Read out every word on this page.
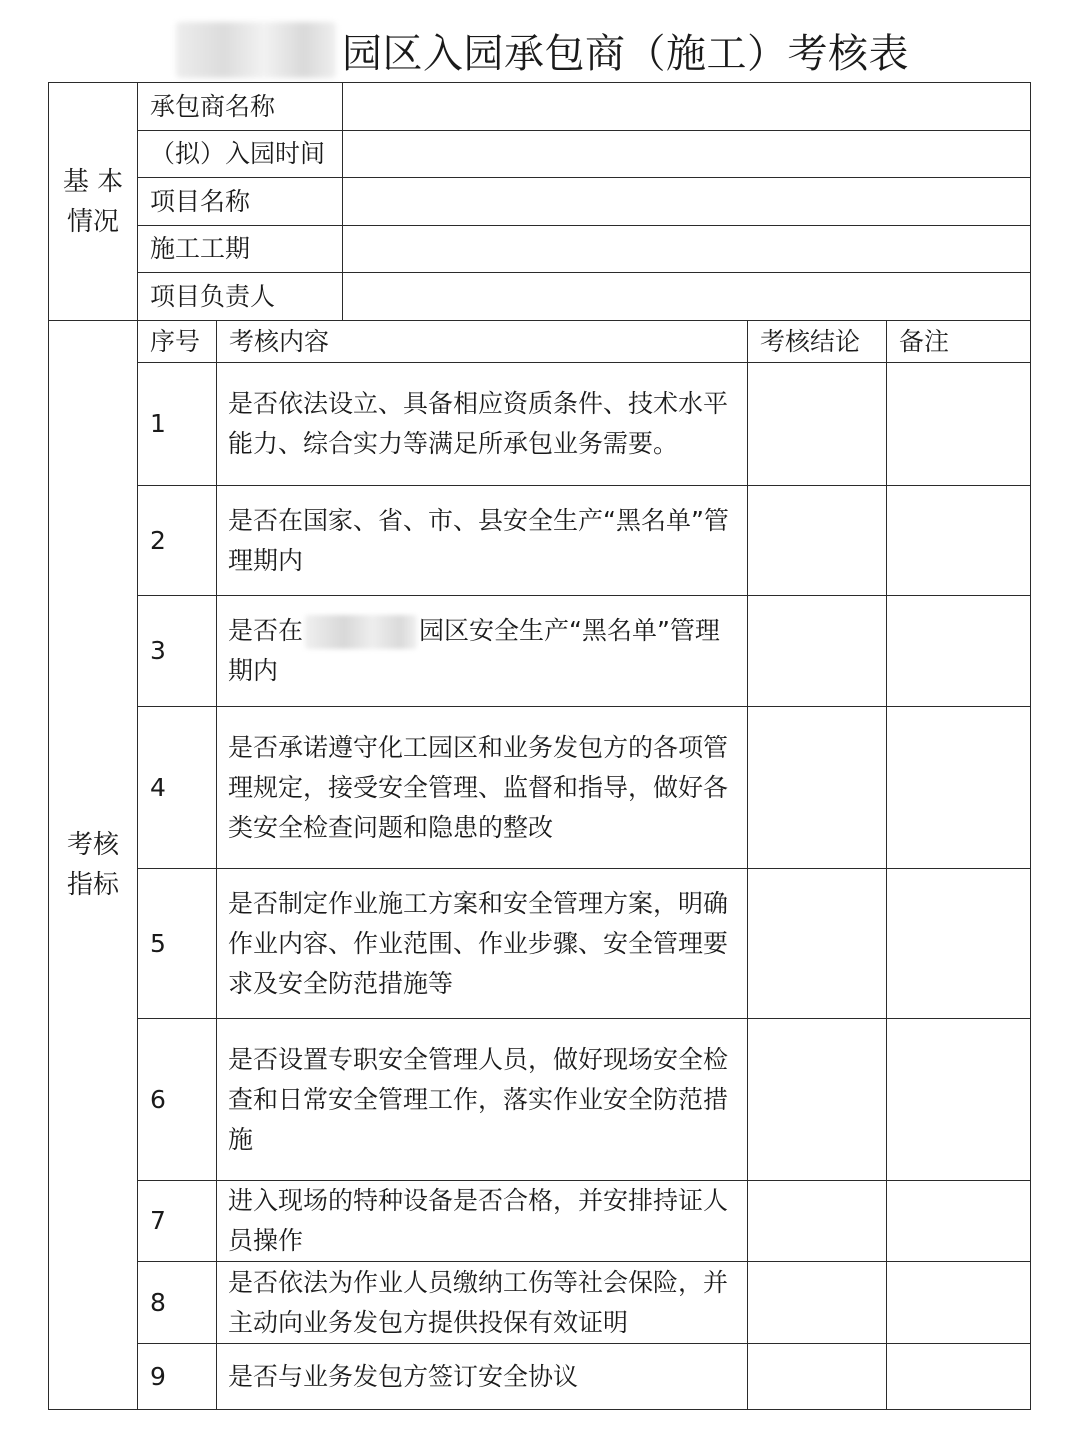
园区入园承包商（施工）考核表
基 本
情况	承包商名称				
	（拟）入园时间				
	项目名称				
	施工工期				
	项目负责人				
考核
指标	序号	考核内容		考核结论	备注
	1	是否依法设立、具备相应资质条件、技术水平能力、综合实力等满足所承包业务需要。			
	2	是否在国家、省、市、县安全生产“黑名单”管理期内			
	3	是否在 园区安全生产“黑名单”管理期内			
	4	是否承诺遵守化工园区和业务发包方的各项管理规定，接受安全管理、监督和指导，做好各类安全检查问题和隐患的整改			
	5	是否制定作业施工方案和安全管理方案，明确作业内容、作业范围、作业步骤、安全管理要求及安全防范措施等			
	6	是否设置专职安全管理人员，做好现场安全检查和日常安全管理工作，落实作业安全防范措施			
	7	进入现场的特种设备是否合格，并安排持证人员操作			
	8	是否依法为作业人员缴纳工伤等社会保险，并主动向业务发包方提供投保有效证明			
	9	是否与业务发包方签订安全协议			
